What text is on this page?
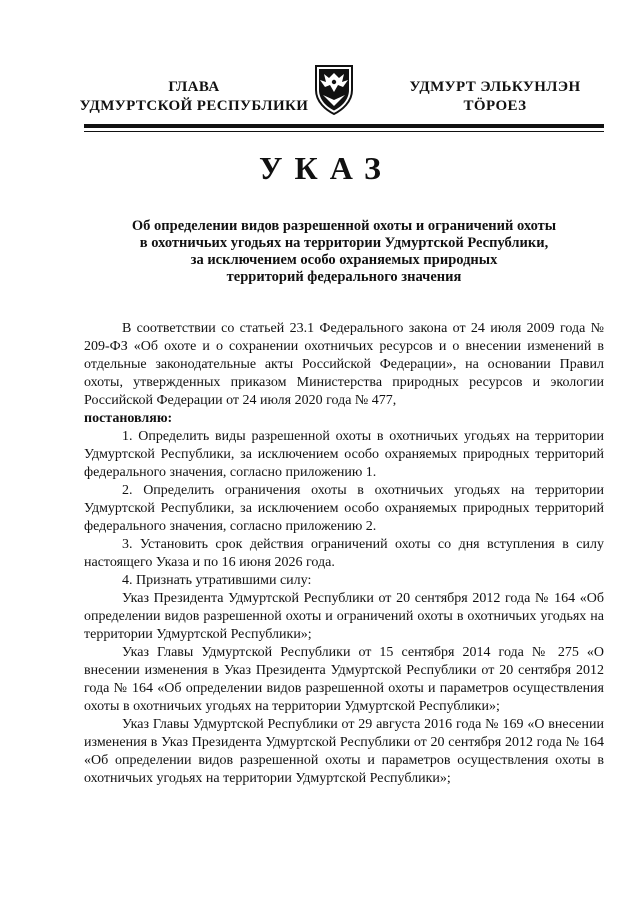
ГЛАВА
УДМУРТСКОЙ РЕСПУБЛИКИ
УДМУРТ ЭЛЬКУНЛЭН
ТӦРОЕЗ
УКАЗ
Об определении видов разрешенной охоты и ограничений охоты
в охотничьих угодьях на территории Удмуртской Республики,
за исключением особо охраняемых природных
территорий федерального значения

В соответствии со статьей 23.1 Федерального закона от 24 июля 2009 года № 209-ФЗ «Об охоте и о сохранении охотничьих ресурсов и о внесении изменений в отдельные законодательные акты Российской Федерации», на основании Правил охоты, утвержденных приказом Министерства природных ресурсов и экологии Российской Федерации от 24 июля 2020 года № 477,
постановляю:

1. Определить виды разрешенной охоты в охотничьих угодьях на территории Удмуртской Республики, за исключением особо охраняемых природных территорий федерального значения, согласно приложению 1.

2. Определить ограничения охоты в охотничьих угодьях на территории Удмуртской Республики, за исключением особо охраняемых природных территорий федерального значения, согласно приложению 2.

3. Установить срок действия ограничений охоты со дня вступления в силу настоящего Указа и по 16 июня 2026 года.

4. Признать утратившими силу:

Указ Президента Удмуртской Республики от 20 сентября 2012 года № 164 «Об определении видов разрешенной охоты и ограничений охоты в охотничьих угодьях на территории Удмуртской Республики»;

Указ Главы Удмуртской Республики от 15 сентября 2014 года № 275 «О внесении изменения в Указ Президента Удмуртской Республики от 20 сентября 2012 года № 164 «Об определении видов разрешенной охоты и параметров осуществления охоты в охотничьих угодьях на территории Удмуртской Республики»;

Указ Главы Удмуртской Республики от 29 августа 2016 года № 169 «О внесении изменения в Указ Президента Удмуртской Республики от 20 сентября 2012 года № 164 «Об определении видов разрешенной охоты и параметров осуществления охоты в охотничьих угодьях на территории Удмуртской Республики»;
